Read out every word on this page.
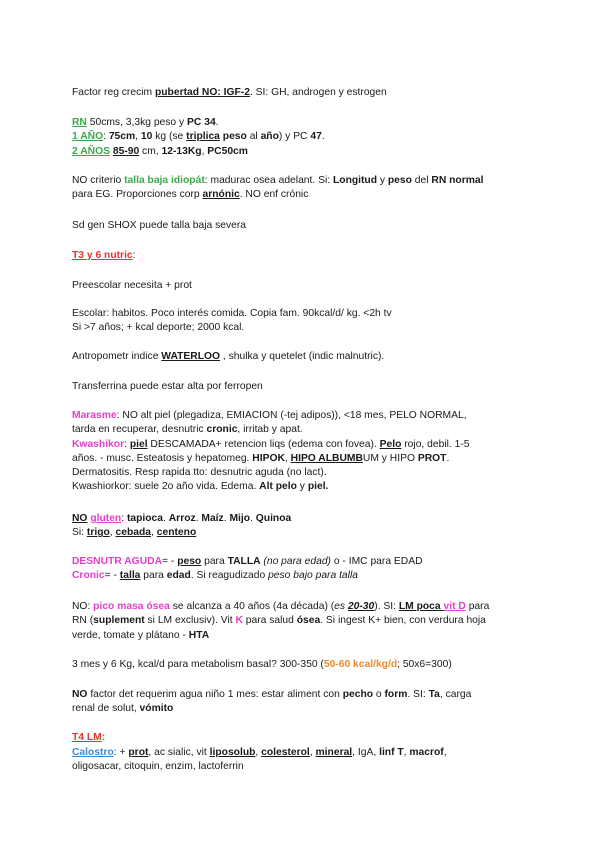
Factor reg crecim pubertad NO: IGF-2. SI: GH, androgen y estrogen
RN 50cms, 3,3kg peso y PC 34.
1 AÑO: 75cm, 10 kg (se triplica peso al año) y PC 47.
2 AÑOS 85-90 cm, 12-13Kg, PC50cm
NO criterio talla baja idiopát: madurac osea adelant. Si: Longitud y peso del RN normal
para EG. Proporciones corp arnónic. NO enf crónic
Sd gen SHOX puede talla baja severa
T3 y 6 nutric:
Preescolar necesita + prot
Escolar: habitos. Poco interés comida. Copia fam. 90kcal/d/ kg. <2h tv
Si >7 años; + kcal deporte; 2000 kcal.
Antropometr indice WATERLOO , shulka y quetelet (indic malnutric).
Transferrina puede estar alta por ferropen
Marasme: NO alt piel (plegadiza, EMIACION (-tej adipos)), <18 mes, PELO NORMAL,
tarda en recuperar, desnutric cronic, irritab y apat.
Kwashikor: piel DESCAMADA+ retencion liqs (edema con fovea). Pelo rojo, debil. 1-5
años. - musc. Esteatosis y hepatomeg. HIPOK, HIPO ALBUMBUM y HIPO PROT.
Dermatositis. Resp rapida tto: desnutric aguda (no lact).
Kwashiorkor: suele 2o año vida. Edema. Alt pelo y piel.
NO gluten: tapioca. Arroz. Maíz. Mijo. Quinoa
Si: trigo, cebada, centeno
DESNUTR AGUDA= - peso para TALLA (no para edad) o - IMC para EDAD
Cronic= - talla para edad. Si reagudizado peso bajo para talla
NO: pico masa ósea se alcanza a 40 años (4a década) (es 20-30). SI: LM poca vit D para
RN (suplement si LM exclusiv). Vit K para salud ósea. Si ingest K+ bien, con verdura hoja
verde, tomate y plátano - HTA
3 mes y 6 Kg, kcal/d para metabolism basal? 300-350 (50-60 kcal/kg/d; 50x6=300)
NO factor det requerim agua niño 1 mes: estar aliment con pecho o form. SI: Ta, carga
renal de solut, vómito
T4 LM:
Calostro: + prot, ac sialic, vit liposolub, colesterol, mineral, IgA, linf T, macrof,
oligosacar, citoquin, enzim, lactoferrin
